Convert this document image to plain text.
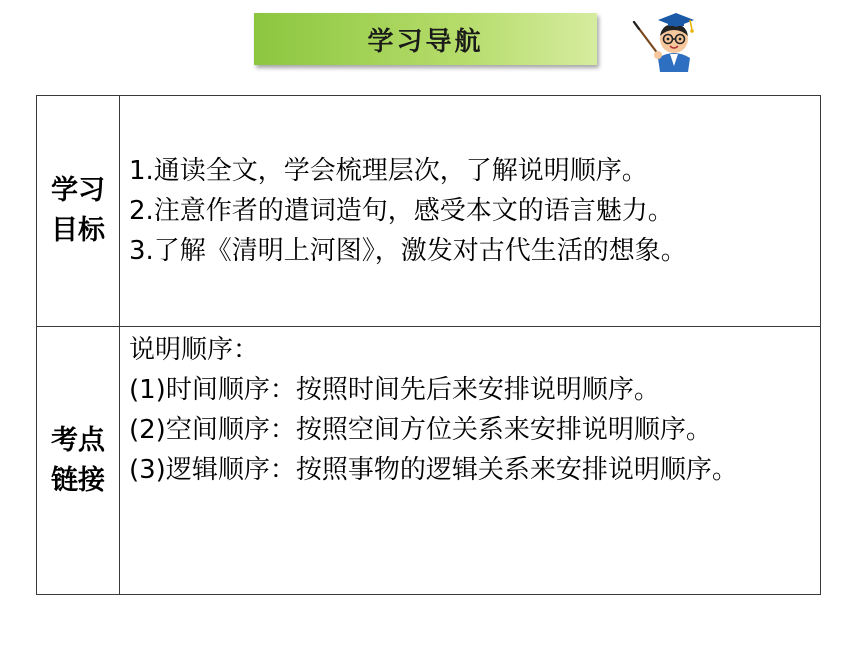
学习导航
学习
目标	1.通读全文，学会梳理层次，了解说明顺序。
2.注意作者的遣词造句，感受本文的语言魅力。
3.了解《清明上河图》，激发对古代生活的想象。

考点
链接	说明顺序：
(1)时间顺序：按照时间先后来安排说明顺序。
(2)空间顺序：按照空间方位关系来安排说明顺序。
(3)逻辑顺序：按照事物的逻辑关系来安排说明顺序。
